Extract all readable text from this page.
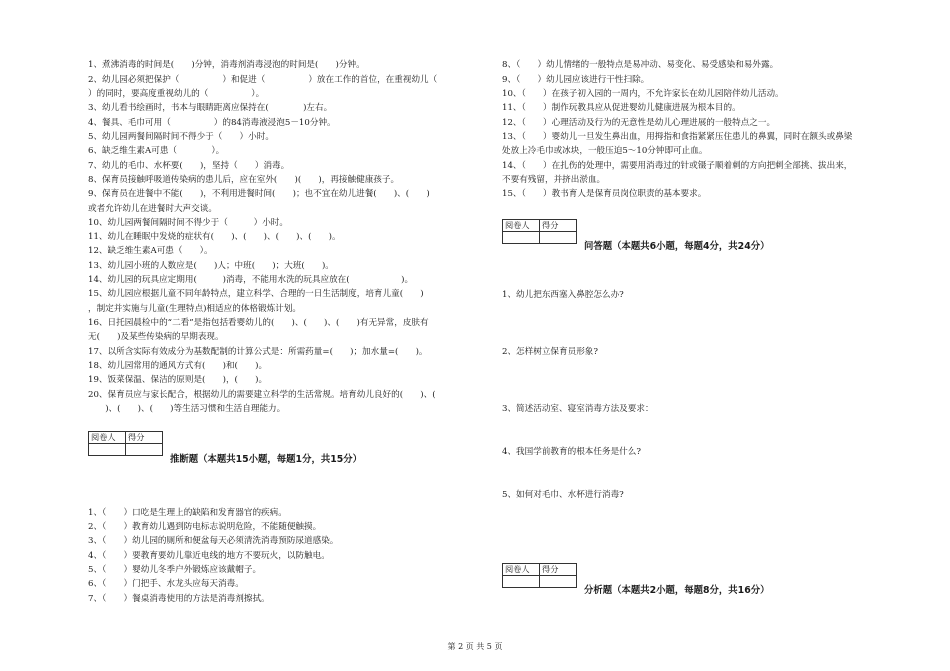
1、煮沸消毒的时间是(　　)分钟，消毒剂消毒浸泡的时间是(　　)分钟。
2、幼儿园必须把保护（　　　　　）和促进（　　　　　）放在工作的首位，在重视幼儿（
）的同时，要高度重视幼儿的（　　　　　）。
3、幼儿看书绘画时，书本与眼睛距离应保持在(　　　　)左右。
4、餐具、毛巾可用（　　　　　）的84消毒液浸泡5－10分钟。
5、幼儿园两餐间隔时间不得少于（　　）小时。
6、缺乏维生素A可患（　　　　）。
7、幼儿的毛巾、水杯要(　　)，坚持（　　）消毒。
8、保育员接触呼吸道传染病的患儿后，应在室外(　　)(　　)，再接触健康孩子。
9、保育员在进餐中不能(　　)，不利用进餐时间(　　)；也不宜在幼儿进餐(　　)、(　　)
或者允许幼儿在进餐时大声交谈。
10、幼儿园两餐间隔时间不得少于（　　　）小时。
11、幼儿在睡眠中发烧的症状有(　　)、(　　)、(　　)、(　　)。
12、缺乏维生素A可患（　　）。
13、幼儿园小班的人数应是(　　)人；中班(　　)；大班(　　)。
14、幼儿园的玩具应定期用(　　　)消毒，不能用水洗的玩具应放在(　　　　　　)。
15、幼儿园应根据儿童不同年龄特点，建立科学、合理的一日生活制度，培育儿童(　　)
，制定并实施与儿童(生理特点)相适应的体格锻炼计划。
16、日托园晨检中的“二看”是指包括看婴幼儿的(　　)、(　　)、(　　)有无异常，皮肤有
无(　　)及某些传染病的早期表现。
17、以所含实际有效成分为基数配制的计算公式是：所需药量=(　　)；加水量=(　　)。
18、幼儿园常用的通风方式有(　　)和(　　)。
19、饭菜保温、保洁的原则是(　　)，(　　)。
20、保育员应与家长配合，根据幼儿的需要建立科学的生活常规。培育幼儿良好的(　　)、(
　　)、(　　)、(　　)等生活习惯和生活自理能力。
阅卷人	得分

推断题（本题共15小题，每题1分，共15分）
1、（　　）口吃是生理上的缺陷和发育器官的疾病。
2、（　　）教育幼儿遇到防电标志说明危险，不能随便触摸。
3、（　　）幼儿园的厕所和便盆每天必须清洗消毒预防尿道感染。
4、（　　）要教育要幼儿靠近电线的地方不要玩火，以防触电。
5、（　　）婴幼儿冬季户外锻炼应该戴帽子。
6、（　　）门把手、水龙头应每天消毒。
7、（　　）餐桌消毒使用的方法是消毒剂擦拭。
8、（　　）幼儿情绪的一般特点是易冲动、易变化、易受感染和易外露。
9、（　　）幼儿园应该进行干性扫除。
10、（　　）在孩子初入园的一周内，不允许家长在幼儿园陪伴幼儿活动。
11、（　　）制作玩教具应从促进婴幼儿健康进展为根本目的。
12、（　　）心理活动及行为的无意性是幼儿心理进展的一般特点之一。
13、（　　）婴幼儿一旦发生鼻出血，用拇指和食指紧紧压住患儿的鼻翼，同时在额头或鼻梁
处放上冷毛巾或冰块，一般压迫5～10分钟即可止血。
14、（　　）在扎伤的处理中，需要用消毒过的针或镊子顺着刺的方向把刺全部挑、拔出来，
不要有残留，并挤出淤血。
15、（　　）教书育人是保育员岗位职责的基本要求。
阅卷人	得分

问答题（本题共6小题，每题4分，共24分）
1、幼儿把东西塞入鼻腔怎么办?
2、怎样树立保育员形象?
3、简述活动室、寝室消毒方法及要求：
4、我国学前教育的根本任务是什么?
5、如何对毛巾、水杯进行消毒?
阅卷人	得分

分析题（本题共2小题，每题8分，共16分）
第 2 页 共 5 页
